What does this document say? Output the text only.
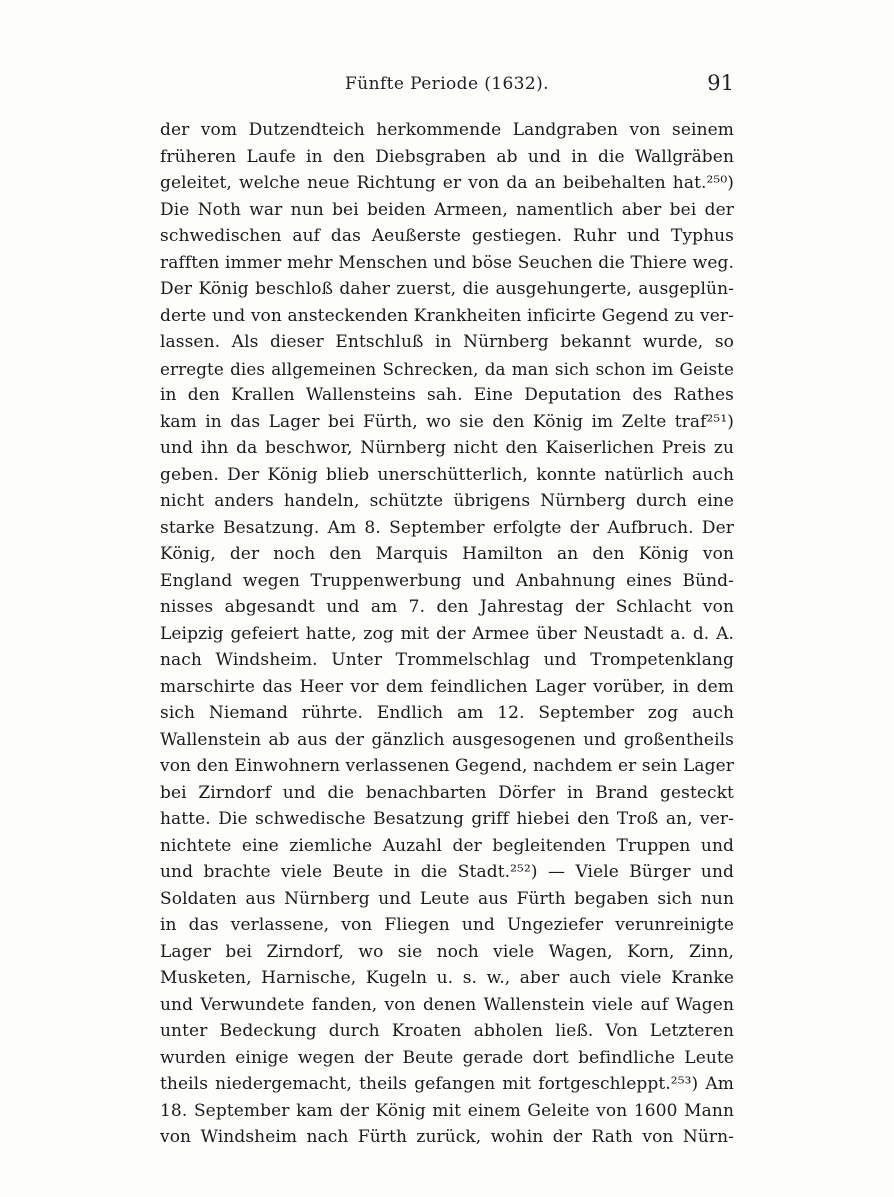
Fünfte Periode (1632).	91
der vom Dutzendteich herkommende Landgraben von seinem
früheren Laufe in den Diebsgraben ab und in die Wallgräben
geleitet, welche neue Richtung er von da an beibehalten hat.²⁵⁰)
Die Noth war nun bei beiden Armeen, namentlich aber bei der
schwedischen auf das Aeußerste gestiegen. Ruhr und Typhus
rafften immer mehr Menschen und böse Seuchen die Thiere weg.
Der König beschloß daher zuerst, die ausgehungerte, ausgeplün-
derte und von ansteckenden Krankheiten inficirte Gegend zu ver-
lassen. Als dieser Entschluß in Nürnberg bekannt wurde, so
erregte dies allgemeinen Schrecken, da man sich schon im Geiste
in den Krallen Wallensteins sah. Eine Deputation des Rathes
kam in das Lager bei Fürth, wo sie den König im Zelte traf²⁵¹)
und ihn da beschwor, Nürnberg nicht den Kaiserlichen Preis zu
geben. Der König blieb unerschütterlich, konnte natürlich auch
nicht anders handeln, schützte übrigens Nürnberg durch eine
starke Besatzung. Am 8. September erfolgte der Aufbruch. Der
König, der noch den Marquis Hamilton an den König von
England wegen Truppenwerbung und Anbahnung eines Bünd-
nisses abgesandt und am 7. den Jahrestag der Schlacht von
Leipzig gefeiert hatte, zog mit der Armee über Neustadt a. d. A.
nach Windsheim. Unter Trommelschlag und Trompetenklang
marschirte das Heer vor dem feindlichen Lager vorüber, in dem
sich Niemand rührte. Endlich am 12. September zog auch
Wallenstein ab aus der gänzlich ausgesogenen und großentheils
von den Einwohnern verlassenen Gegend, nachdem er sein Lager
bei Zirndorf und die benachbarten Dörfer in Brand gesteckt
hatte. Die schwedische Besatzung griff hiebei den Troß an, ver-
nichtete eine ziemliche Auzahl der begleitenden Truppen und
und brachte viele Beute in die Stadt.²⁵²) — Viele Bürger und
Soldaten aus Nürnberg und Leute aus Fürth begaben sich nun
in das verlassene, von Fliegen und Ungeziefer verunreinigte
Lager bei Zirndorf, wo sie noch viele Wagen, Korn, Zinn,
Musketen, Harnische, Kugeln u. s. w., aber auch viele Kranke
und Verwundete fanden, von denen Wallenstein viele auf Wagen
unter Bedeckung durch Kroaten abholen ließ. Von Letzteren
wurden einige wegen der Beute gerade dort befindliche Leute
theils niedergemacht, theils gefangen mit fortgeschleppt.²⁵³) Am
18. September kam der König mit einem Geleite von 1600 Mann
von Windsheim nach Fürth zurück, wohin der Rath von Nürn-
